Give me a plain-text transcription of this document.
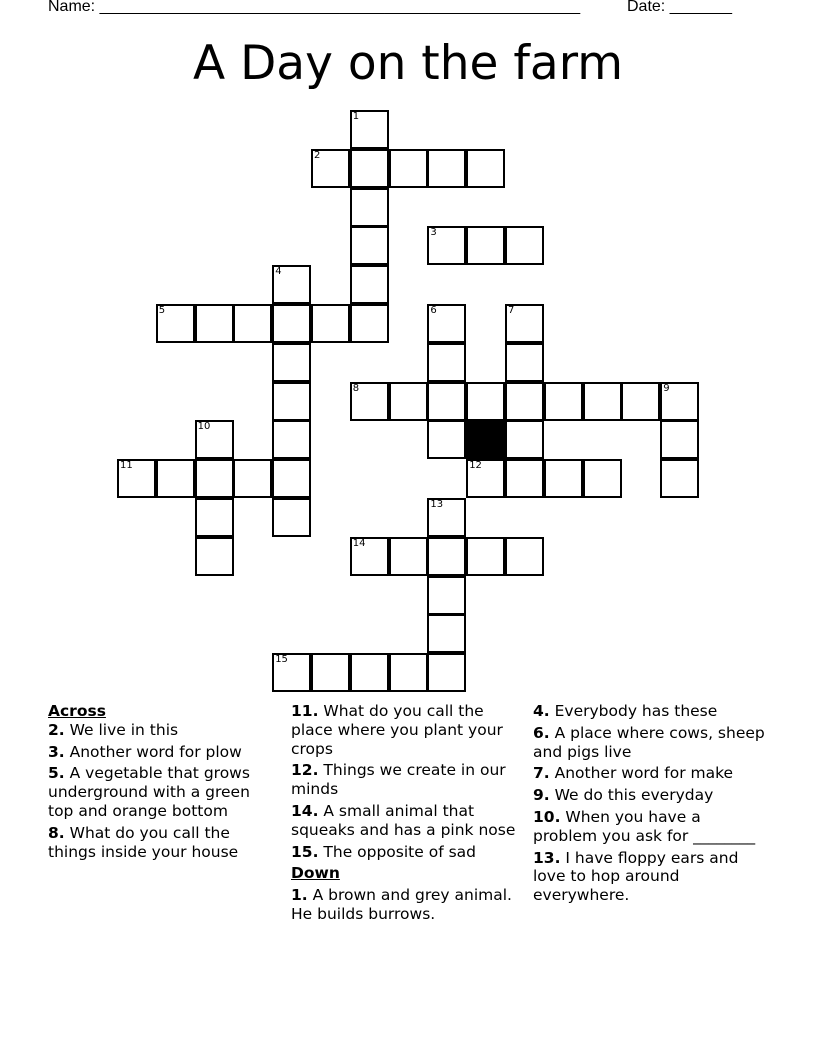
Name: ______________________________________________________	Date: _______
A Day on the farm
1
2
3
4
5	6	7
8	9
10
11	12
13
14
15
Across
2. We live in this
3. Another word for plow
5. A vegetable that grows underground with a green top and orange bottom
8. What do you call the things inside your house
11. What do you call the place where you plant your crops
12. Things we create in our minds
14. A small animal that squeaks and has a pink nose
15. The opposite of sad
Down
1. A brown and grey animal. He builds burrows.
4. Everybody has these
6. A place where cows, sheep and pigs live
7. Another word for make
9. We do this everyday
10. When you have a problem you ask for ________
13. I have floppy ears and love to hop around everywhere.
